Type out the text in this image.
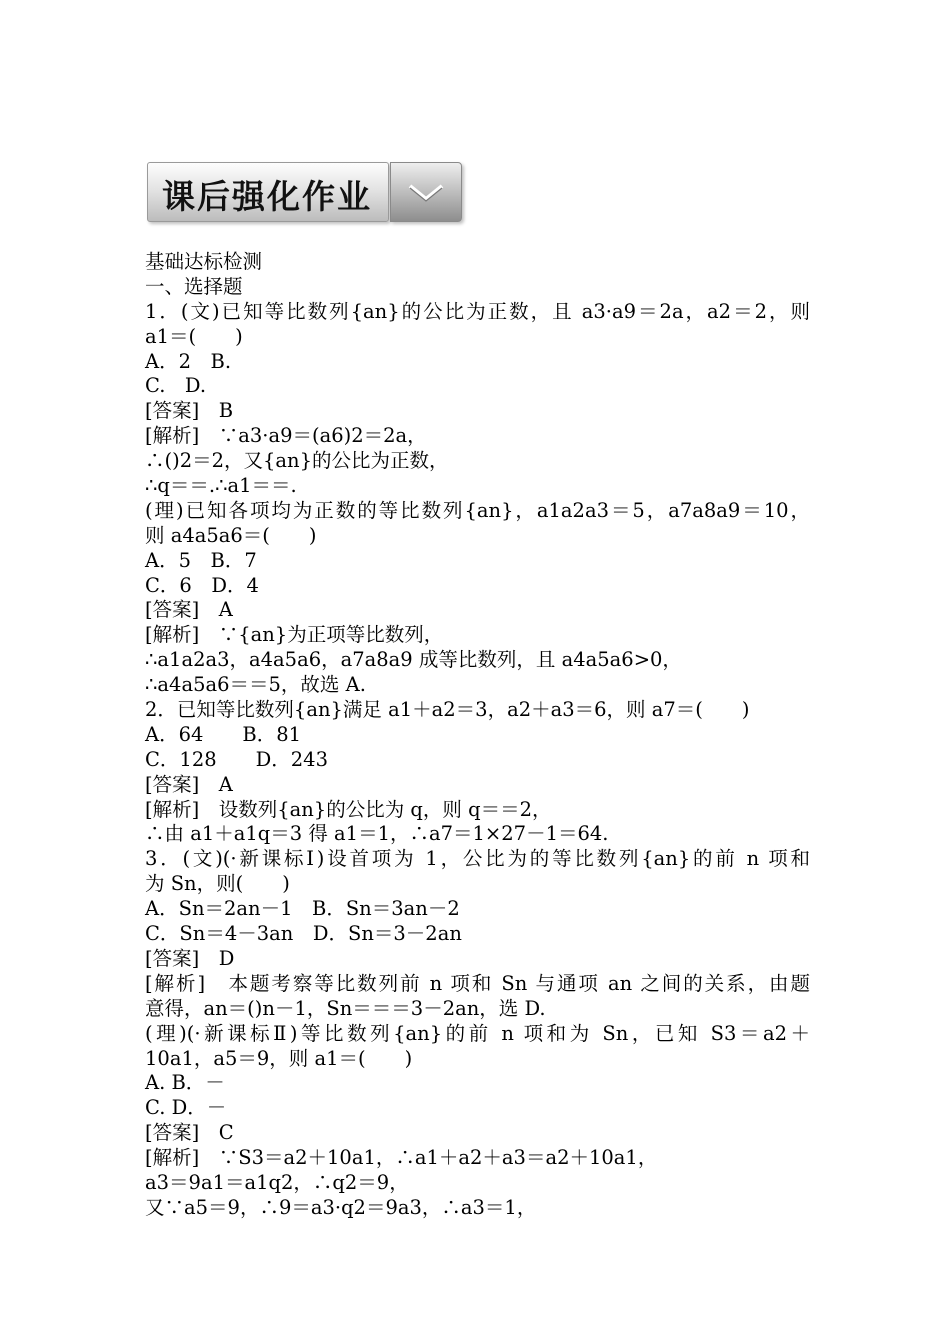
课后强化作业
基础达标检测
一、选择题
1．(文)已知等比数列{an}的公比为正数，且 a3·a9＝2a，a2＝2，则
a1＝(　　)
A．2　B.
C.　D.
[答案]　B
[解析]　∵a3·a9＝(a6)2＝2a，
∴()2＝2，又{an}的公比为正数，
∴q＝＝.∴a1＝＝.
(理)已知各项均为正数的等比数列{an}，a1a2a3＝5，a7a8a9＝10，
则 a4a5a6＝(　　)
A．5　B．7
C．6　D．4
[答案]　A
[解析]　∵{an}为正项等比数列，
∴a1a2a3，a4a5a6，a7a8a9 成等比数列，且 a4a5a6>0，
∴a4a5a6＝＝5，故选 A.
2．已知等比数列{an}满足 a1＋a2＝3，a2＋a3＝6，则 a7＝(　　)
A．64　　B．81
C．128　　D．243
[答案]　A
[解析]　设数列{an}的公比为 q，则 q＝＝2，
∴由 a1＋a1q＝3 得 a1＝1，∴a7＝1×27－1＝64.
3．(文)(·新课标Ⅰ)设首项为 1，公比为的等比数列{an}的前 n 项和
为 Sn，则(　　)
A．Sn＝2an－1　B．Sn＝3an－2
C．Sn＝4－3an　D．Sn＝3－2an
[答案]　D
[解析]　本题考察等比数列前 n 项和 Sn 与通项 an 之间的关系，由题
意得，an＝()n－1，Sn＝＝＝3－2an，选 D.
(理)(·新课标Ⅱ)等比数列{an}的前 n 项和为 Sn，已知 S3＝a2＋
10a1，a5＝9，则 a1＝(　　)
A. B．－
C. D．－
[答案]　C
[解析]　∵S3＝a2＋10a1，∴a1＋a2＋a3＝a2＋10a1，
a3＝9a1＝a1q2，∴q2＝9，
又∵a5＝9，∴9＝a3·q2＝9a3，∴a3＝1，
